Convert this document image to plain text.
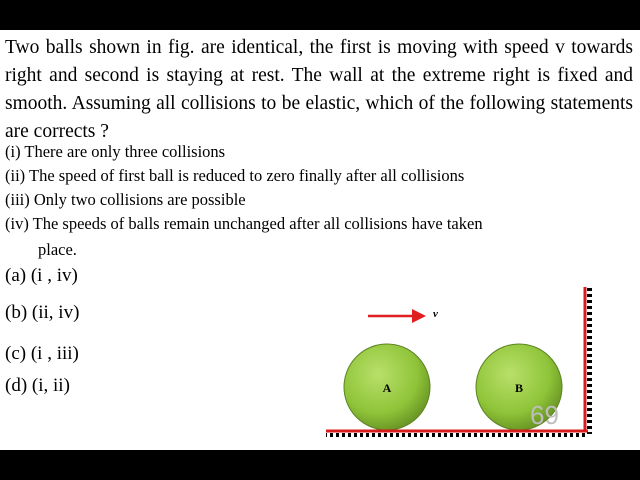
Two balls shown in fig. are identical, the first is moving with speed v towards right and second is staying at rest. The wall at the extreme right is fixed and smooth. Assuming all collisions to be elastic, which of the following statements are corrects ?

(i) There are only three collisions

(ii) The speed of first ball is reduced to zero finally after all collisions

(iii) Only two collisions are possible

(iv) The speeds of balls remain unchanged after all collisions have taken

place.

(a) (i , iv)

(b) (ii, iv)

(c) (i , iii)

(d) (i, ii)

v
A	B
69
